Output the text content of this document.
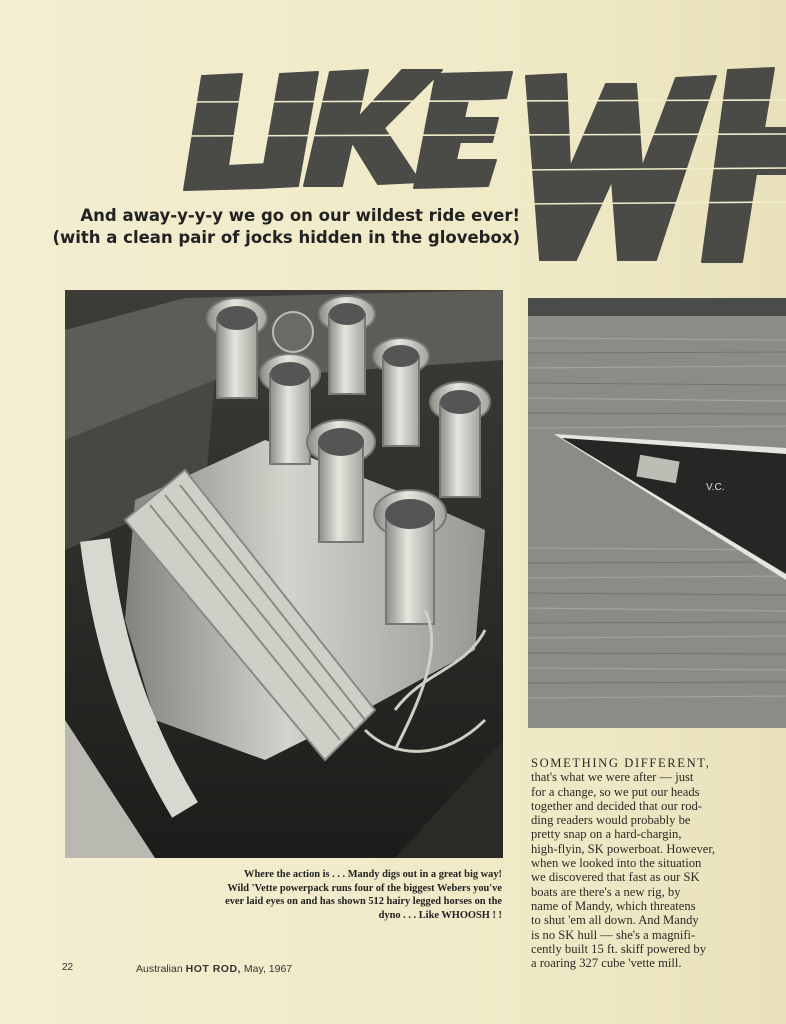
And away-y-y-y we go on our wildest ride ever!
(with a clean pair of jocks hidden in the glovebox)
Where the action is . . . Mandy digs out in a great big way!
Wild 'Vette powerpack runs four of the biggest Webers you've
ever laid eyes on and has shown 512 hairy legged horses on the
dyno . . . Like WHOOSH ! !
V.C.
SOMETHING DIFFERENT,
that's what we were after — just
for a change, so we put our heads
together and decided that our rod-
ding readers would probably be
pretty snap on a hard-chargin,
high-flyin, SK powerboat. However,
when we looked into the situation
we discovered that fast as our SK
boats are there's a new rig, by
name of Mandy, which threatens
to shut 'em all down. And Mandy
is no SK hull — she's a magnifi-
cently built 15 ft. skiff powered by
a roaring 327 cube 'vette mill.
22	Australian HOT ROD, May, 1967
